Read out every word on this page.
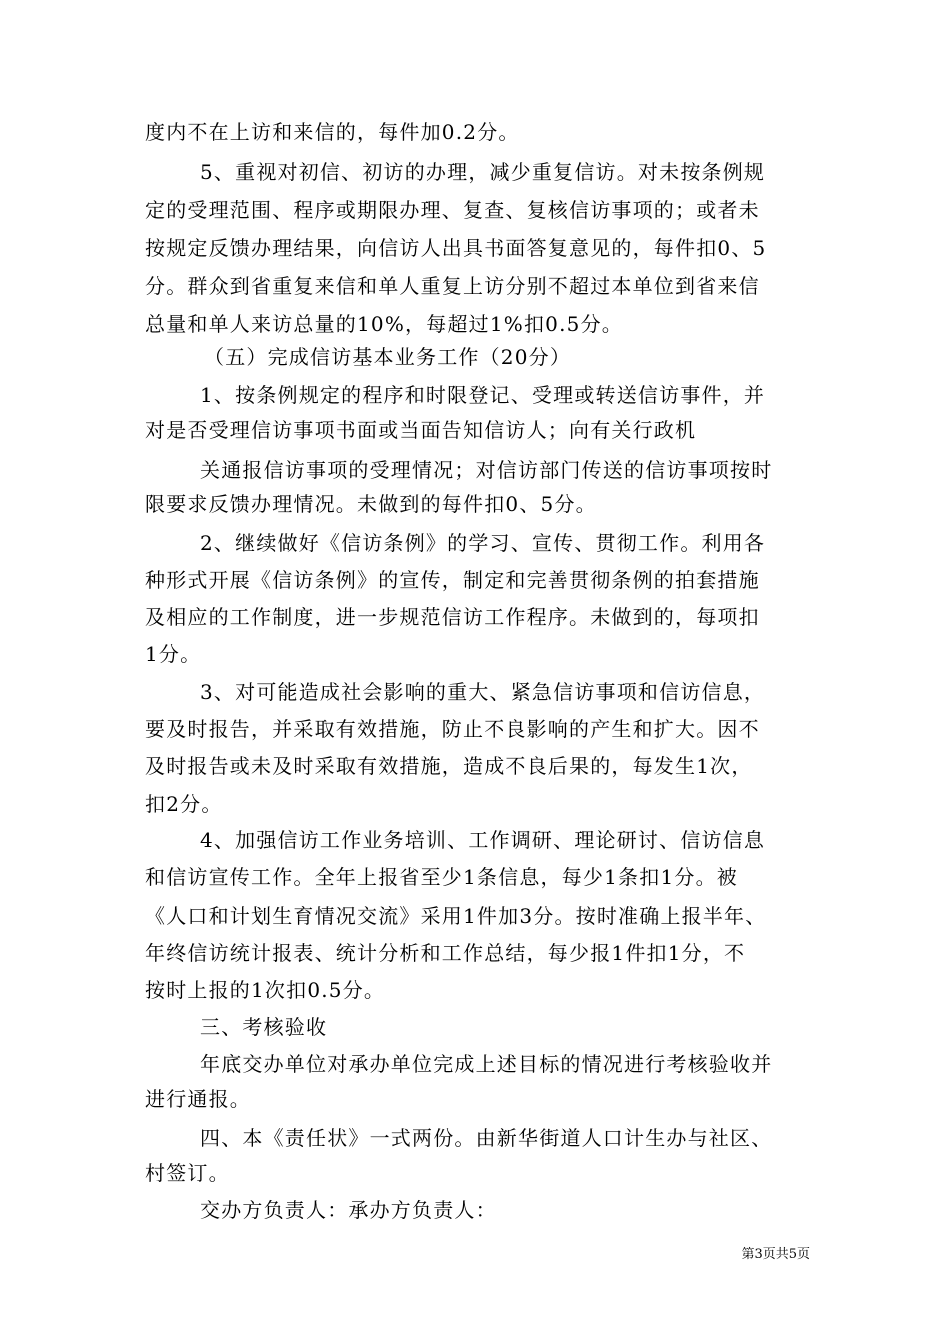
度内不在上访和来信的，每件加0.2分。
5、重视对初信、初访的办理，减少重复信访。对未按条例规
定的受理范围、程序或期限办理、复查、复核信访事项的；或者未
按规定反馈办理结果，向信访人出具书面答复意见的，每件扣0、5
分。群众到省重复来信和单人重复上访分别不超过本单位到省来信
总量和单人来访总量的10%，每超过1%扣0.5分。
（五）完成信访基本业务工作（20分）
1、按条例规定的程序和时限登记、受理或转送信访事件，并
对是否受理信访事项书面或当面告知信访人；向有关行政机
关通报信访事项的受理情况；对信访部门传送的信访事项按时
限要求反馈办理情况。未做到的每件扣0、5分。
2、继续做好《信访条例》的学习、宣传、贯彻工作。利用各
种形式开展《信访条例》的宣传，制定和完善贯彻条例的拍套措施
及相应的工作制度，进一步规范信访工作程序。未做到的，每项扣
1分。
3、对可能造成社会影响的重大、紧急信访事项和信访信息，
要及时报告，并采取有效措施，防止不良影响的产生和扩大。因不
及时报告或未及时采取有效措施，造成不良后果的，每发生1次，
扣2分。
4、加强信访工作业务培训、工作调研、理论研讨、信访信息
和信访宣传工作。全年上报省至少1条信息，每少1条扣1分。被
《人口和计划生育情况交流》采用1件加3分。按时准确上报半年、
年终信访统计报表、统计分析和工作总结，每少报1件扣1分，不
按时上报的1次扣0.5分。
三、考核验收
年底交办单位对承办单位完成上述目标的情况进行考核验收并
进行通报。
四、本《责任状》一式两份。由新华街道人口计生办与社区、
村签订。
交办方负责人：承办方负责人：
第3页共5页
